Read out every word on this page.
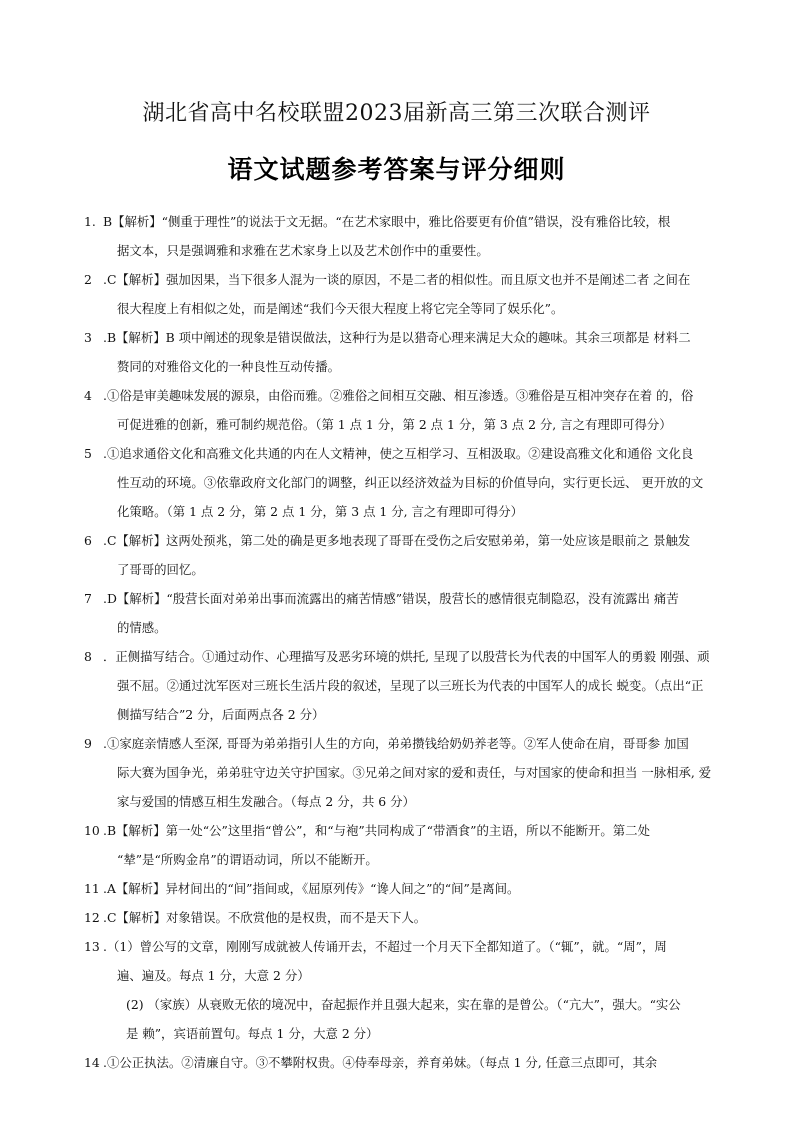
湖北省高中名校联盟2023届新高三第三次联合测评
语文试题参考答案与评分细则
1. B【解析】“侧重于理性”的说法于文无据。“在艺术家眼中，雅比俗要更有价值”错误，没有雅俗比较，根
据文本，只是强调雅和求雅在艺术家身上以及艺术创作中的重要性。
2 .C【解析】强加因果，当下很多人混为一谈的原因，不是二者的相似性。而且原文也并不是阐述二者 之间在
很大程度上有相似之处，而是阐述“我们今天很大程度上将它完全等同了娱乐化”。
3 .B【解析】B 项中阐述的现象是错误做法，这种行为是以猎奇心理来满足大众的趣味。其余三项都是 材料二
赘同的对雅俗文化的一种良性互动传播。
4 .①俗是审美趣味发展的源泉，由俗而雅。②雅俗之间相互交融、相互渗透。③雅俗是互相冲突存在着 的，俗
可促进雅的创新，雅可制约规范俗。（第 1 点 1 分，第 2 点 1 分，第 3 点 2 分, 言之有理即可得分）
5 .①追求通俗文化和高雅文化共通的内在人文精神，使之互相学习、互相汲取。②建设高雅文化和通俗 文化良
性互动的环境。③依靠政府文化部门的调整，纠正以经济效益为目标的价值导向，实行更长远、 更开放的文
化策略。（第 1 点 2 分，第 2 点 1 分，第 3 点 1 分, 言之有理即可得分）
6 .C【解析】这两处预兆，第二处的确是更多地表现了哥哥在受伤之后安慰弟弟，第一处应该是眼前之 景触发
了哥哥的回忆。
7 .D【解析】“殷营长面对弟弟出事而流露出的痛苦情感”错误，殷营长的感情很克制隐忍，没有流露出 痛苦
的情感。
8 ．正侧描写结合。①通过动作、心理描写及恶劣环境的烘托, 呈现了以殷营长为代表的中国军人的勇毅 刚强、顽
强不屈。②通过沈军医对三班长生活片段的叙述，呈现了以三班长为代表的中国军人的成长 蜕变。（点出“正
侧描写结合”2 分，后面两点各 2 分）
9 .①家庭亲情感人至深, 哥哥为弟弟指引人生的方向，弟弟攒钱给奶奶养老等。②军人使命在肩，哥哥参 加国
际大赛为国争光，弟弟驻守边关守护国家。③兄弟之间对家的爱和责任，与对国家的使命和担当 一脉相承, 爱
家与爱国的情感互相生发融合。（每点 2 分，共 6 分）
10 .B【解析】第一处“公”这里指“曾公”，和“与袍”共同构成了“带酒食”的主语，所以不能断开。第二处
“辇”是“所购金帛”的谓语动词，所以不能断开。
11 .A【解析】异材间出的“间”指间或，《屈原列传》“谗人间之”的“间”是离间。
12 .C【解析】对象错误。不欣赏他的是权贵，而不是天下人。
13 .（1）曾公写的文章，刚刚写成就被人传诵开去，不超过一个月天下全都知道了。（“辄”，就。“周”，周
遍、遍及。每点 1 分，大意 2 分）
(2) （家族）从衰败无依的境况中，奋起振作并且强大起来，实在靠的是曾公。（“亢大”，强大。“实公
是 赖”，宾语前置句。每点 1 分，大意 2 分）
14 .①公正执法。②清廉自守。③不攀附权贵。④侍奉母亲，养育弟妹。（每点 1 分, 任意三点即可，其余
